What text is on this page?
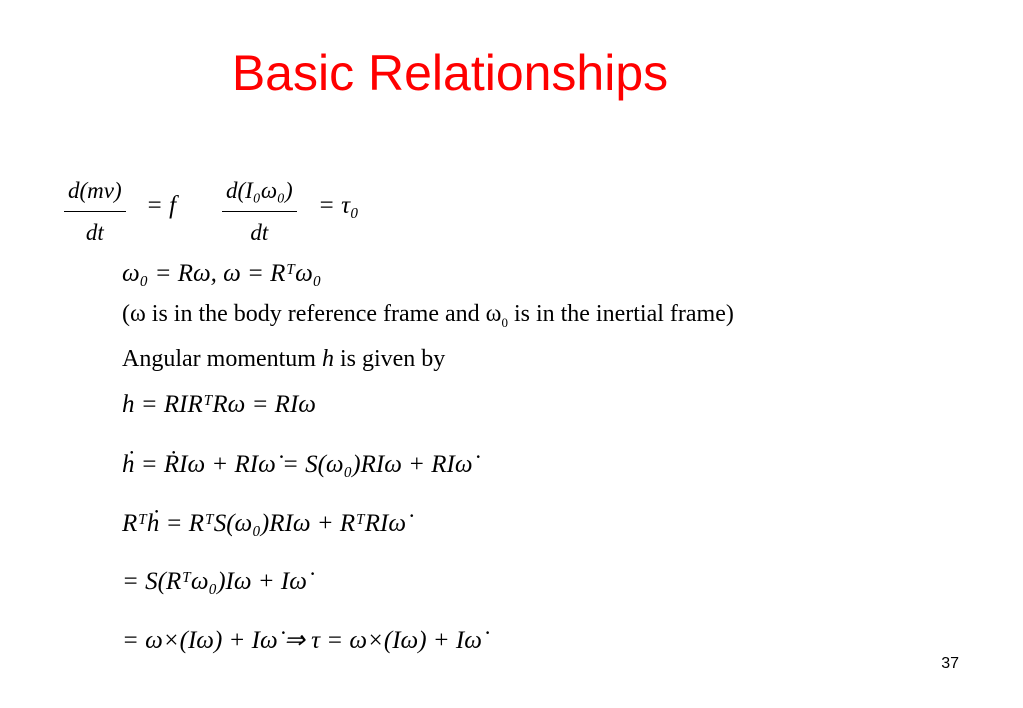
Basic Relationships
d(mv)
dt
= f
d(I₀ω₀)
dt
= τ₀
ω₀ = Rω, ω = Rᵀω₀
(ω is in the body reference frame and $\omega_0$ is in the inertial frame)
Angular momentum h is given by
h = RIRᵀRω = RIω
ḣ = ṘIω + RIω̇ = S(ω₀)RIω + RIω̇
Rᵀḣ = RᵀS(ω₀)RIω + RᵀRIω̇
= S(Rᵀω₀)Iω + Iω̇
= ω×(Iω) + Iω̇ ⇒ τ = ω×(Iω) + Iω̇
37
